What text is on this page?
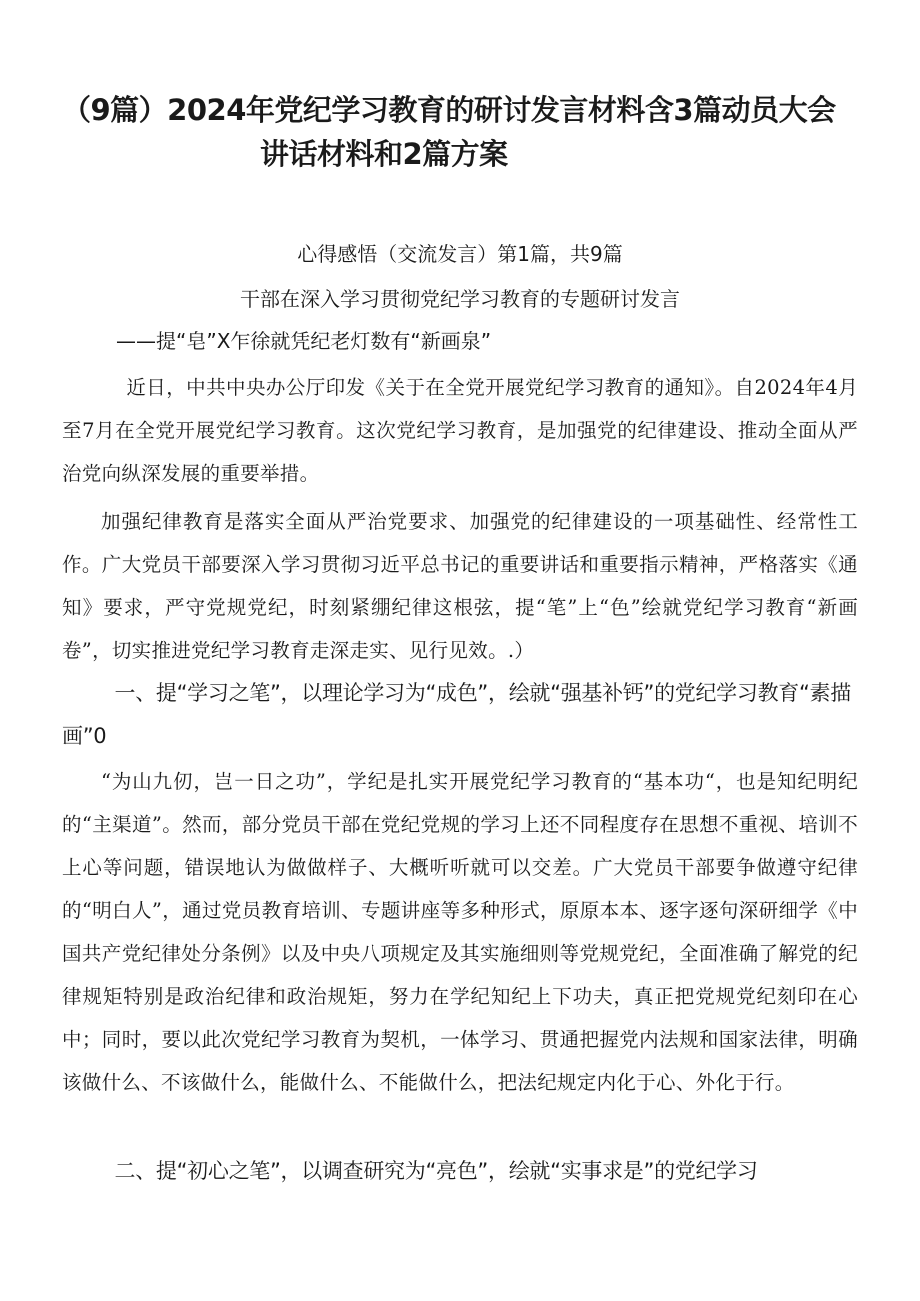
（9篇）2024年党纪学习教育的研讨发言材料含3篇动员大会
讲话材料和2篇方案

心得感悟（交流发言）第1篇，共9篇

干部在深入学习贯彻党纪学习教育的专题研讨发言

——提“皂”X乍徐就凭纪老灯数有“新画泉”

近日，中共中央办公厅印发《关于在全党开展党纪学习教育的通知》。自2024年4月至7月在全党开展党纪学习教育。这次党纪学习教育，是加强党的纪律建设、推动全面从严治党向纵深发展的重要举措。

加强纪律教育是落实全面从严治党要求、加强党的纪律建设的一项基础性、经常性工作。广大党员干部要深入学习贯彻习近平总书记的重要讲话和重要指示精神，严格落实《通知》要求，严守党规党纪，时刻紧绷纪律这根弦，提“笔”上“色”绘就党纪学习教育“新画卷”，切实推进党纪学习教育走深走实、见行见效。.）

一、提“学习之笔”，以理论学习为“成色”，绘就“强基补钙”的党纪学习教育“素描画”0

“为山九仞，岂一日之功”，学纪是扎实开展党纪学习教育的“基本功“，也是知纪明纪的“主渠道”。然而，部分党员干部在党纪党规的学习上还不同程度存在思想不重视、培训不上心等问题，错误地认为做做样子、大概听听就可以交差。广大党员干部要争做遵守纪律的“明白人”，通过党员教育培训、专题讲座等多种形式，原原本本、逐字逐句深研细学《中国共产党纪律处分条例》以及中央八项规定及其实施细则等党规党纪，全面准确了解党的纪律规矩特别是政治纪律和政治规矩，努力在学纪知纪上下功夫，真正把党规党纪刻印在心中；同时，要以此次党纪学习教育为契机，一体学习、贯通把握党内法规和国家法律，明确该做什么、不该做什么，能做什么、不能做什么，把法纪规定内化于心、外化于行。

二、提“初心之笔”，以调查研究为“亮色”，绘就“实事求是”的党纪学习
